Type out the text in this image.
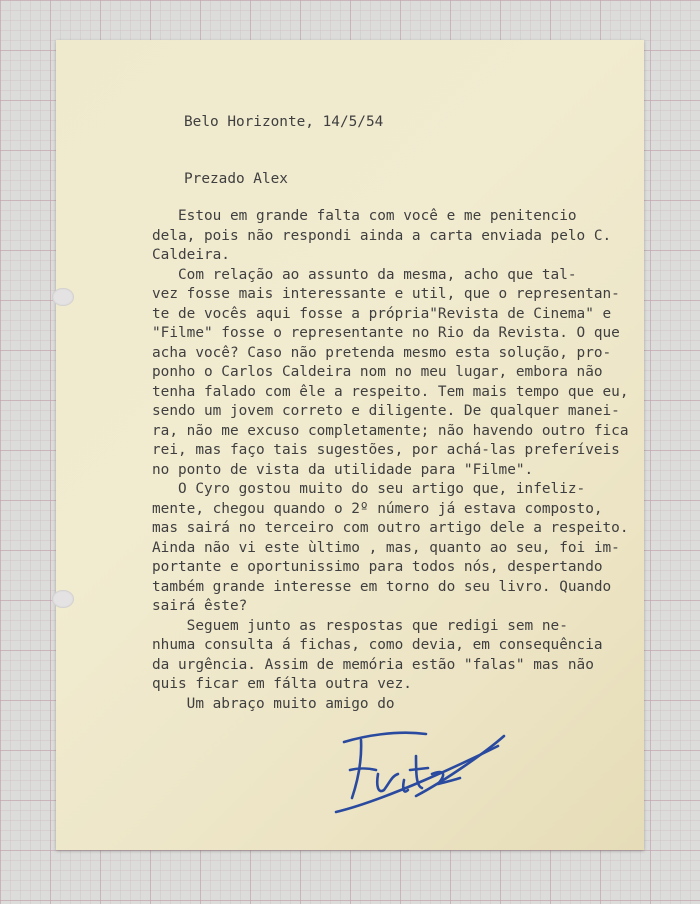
Belo Horizonte, 14/5/54

Prezado Alex

Estou em grande falta com você e me penitencio
dela, pois não respondi ainda a carta enviada pelo C.
Caldeira.
Com relação ao assunto da mesma, acho que tal-
vez fosse mais interessante e util, que o representan-
te de vocês aqui fosse a própria"Revista de Cinema" e
"Filme" fosse o representante no Rio da Revista. O que
acha você? Caso não pretenda mesmo esta solução, pro-
ponho o Carlos Caldeira nom no meu lugar, embora não
tenha falado com êle a respeito. Tem mais tempo que eu,
sendo um jovem correto e diligente. De qualquer manei-
ra, não me excuso completamente; não havendo outro fica
rei, mas faço tais sugestões, por achá-las preferíveis
no ponto de vista da utilidade para "Filme".
O Cyro gostou muito do seu artigo que, infeliz-
mente, chegou quando o 2º número já estava composto,
mas sairá no terceiro com outro artigo dele a respeito.
Ainda não vi este ùltimo , mas, quanto ao seu, foi im-
portante e oportunissimo para todos nós, despertando
também grande interesse em torno do seu livro. Quando
sairá êste?
Seguem junto as respostas que redigi sem ne-
nhuma consulta á fichas, como devia, em consequência
da urgência. Assim de memória estão "falas" mas não
quis ficar em fálta outra vez.
Um abraço muito amigo do
